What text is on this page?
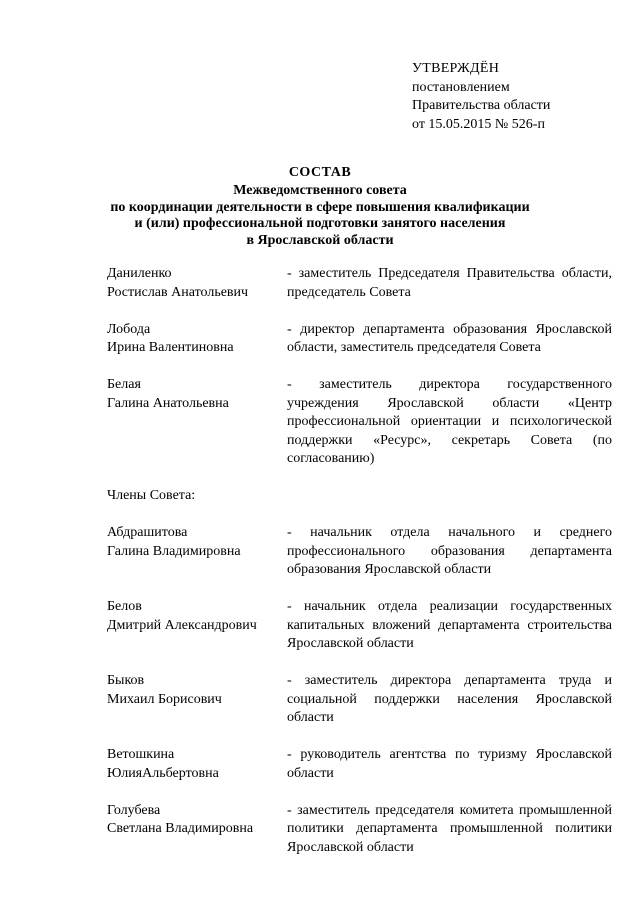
УТВЕРЖДЁН
постановлением
Правительства области
от 15.05.2015 № 526-п
СОСТАВ
Межведомственного совета
по координации деятельности в сфере повышения квалификации
и (или) профессиональной подготовки занятого населения
в Ярославской области
Даниленко
Ростислав Анатольевич
- заместитель Председателя Правительства области, председатель Совета
Лобода
Ирина Валентиновна
- директор департамента образования Ярославской области, заместитель председателя Совета
Белая
Галина Анатольевна
- заместитель директора государственного учреждения Ярославской области «Центр профессиональной ориентации и психологической поддержки «Ресурс», секретарь Совета (по согласованию)
Члены Совета:
Абдрашитова
Галина Владимировна
- начальник отдела начального и среднего профессионального образования департамента образования Ярославской области
Белов
Дмитрий Александрович
- начальник отдела реализации государственных капитальных вложений департамента строительства Ярославской области
Быков
Михаил Борисович
- заместитель директора департамента труда и социальной поддержки населения Ярославской области
Ветошкина
ЮлияАльбертовна
- руководитель агентства по туризму Ярославской области
Голубева
Светлана Владимировна
- заместитель председателя комитета промышленной политики департамента промышленной политики Ярославской области
